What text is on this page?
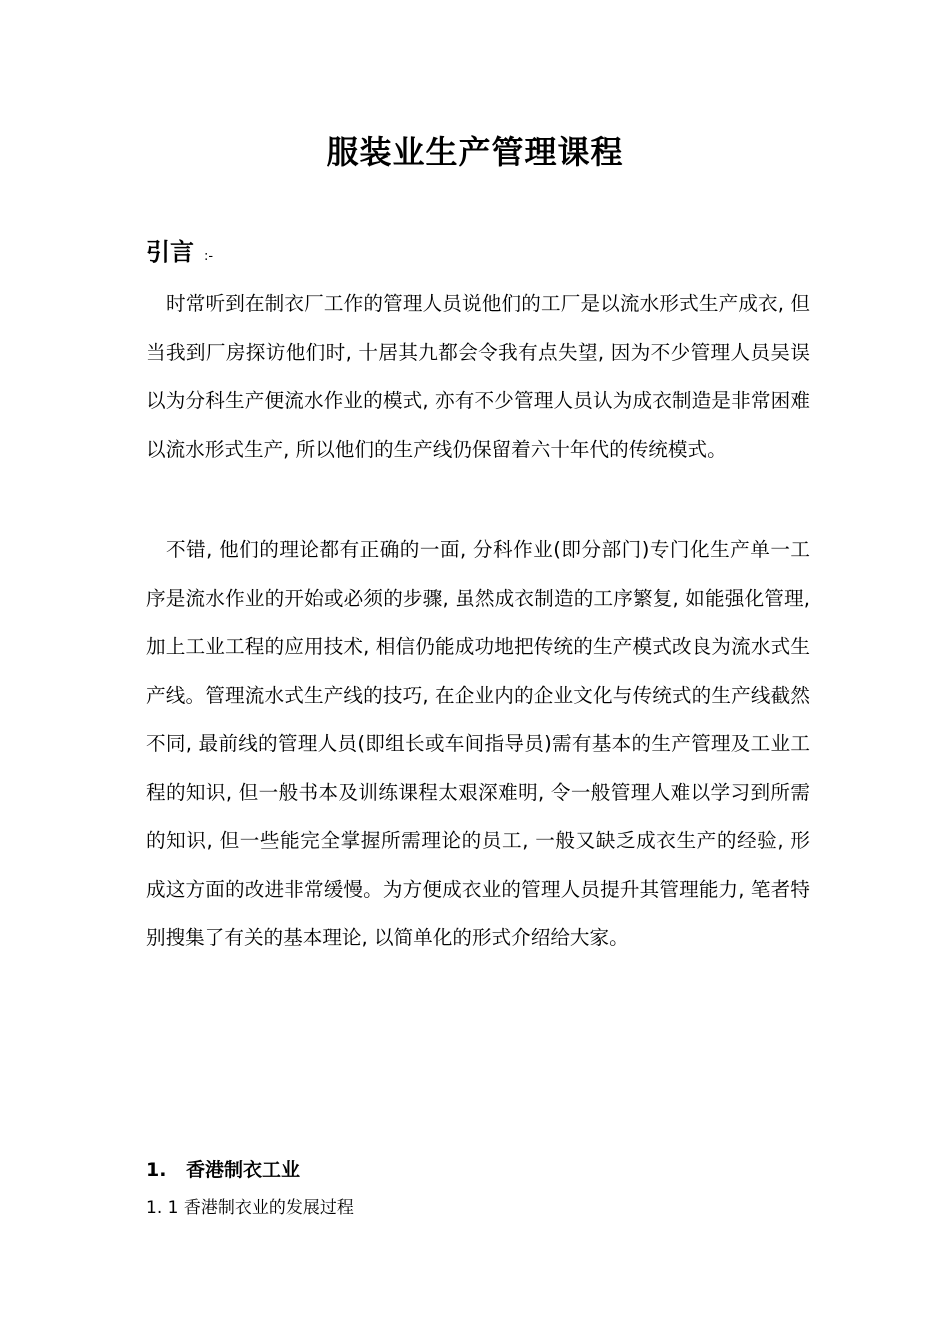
服装业生产管理课程
引言 :-

时常听到在制衣厂工作的管理人员说他们的工厂是以流水形式生产成衣, 但当我到厂房探访他们时, 十居其九都会令我有点失望, 因为不少管理人员吴误以为分科生产便流水作业的模式, 亦有不少管理人员认为成衣制造是非常困难以流水形式生产, 所以他们的生产线仍保留着六十年代的传统模式。

不错, 他们的理论都有正确的一面, 分科作业(即分部门)专门化生产单一工序是流水作业的开始或必须的步骤, 虽然成衣制造的工序繁复, 如能强化管理, 加上工业工程的应用技术, 相信仍能成功地把传统的生产模式改良为流水式生产线。管理流水式生产线的技巧, 在企业内的企业文化与传统式的生产线截然不同, 最前线的管理人员(即组长或车间指导员)需有基本的生产管理及工业工程的知识, 但一般书本及训练课程太艰深难明, 令一般管理人难以学习到所需的知识, 但一些能完全掌握所需理论的员工, 一般又缺乏成衣生产的经验, 形成这方面的改进非常缓慢。为方便成衣业的管理人员提升其管理能力, 笔者特别搜集了有关的基本理论, 以简单化的形式介绍给大家。

1. 香港制衣工业
1. 1 香港制衣业的发展过程
